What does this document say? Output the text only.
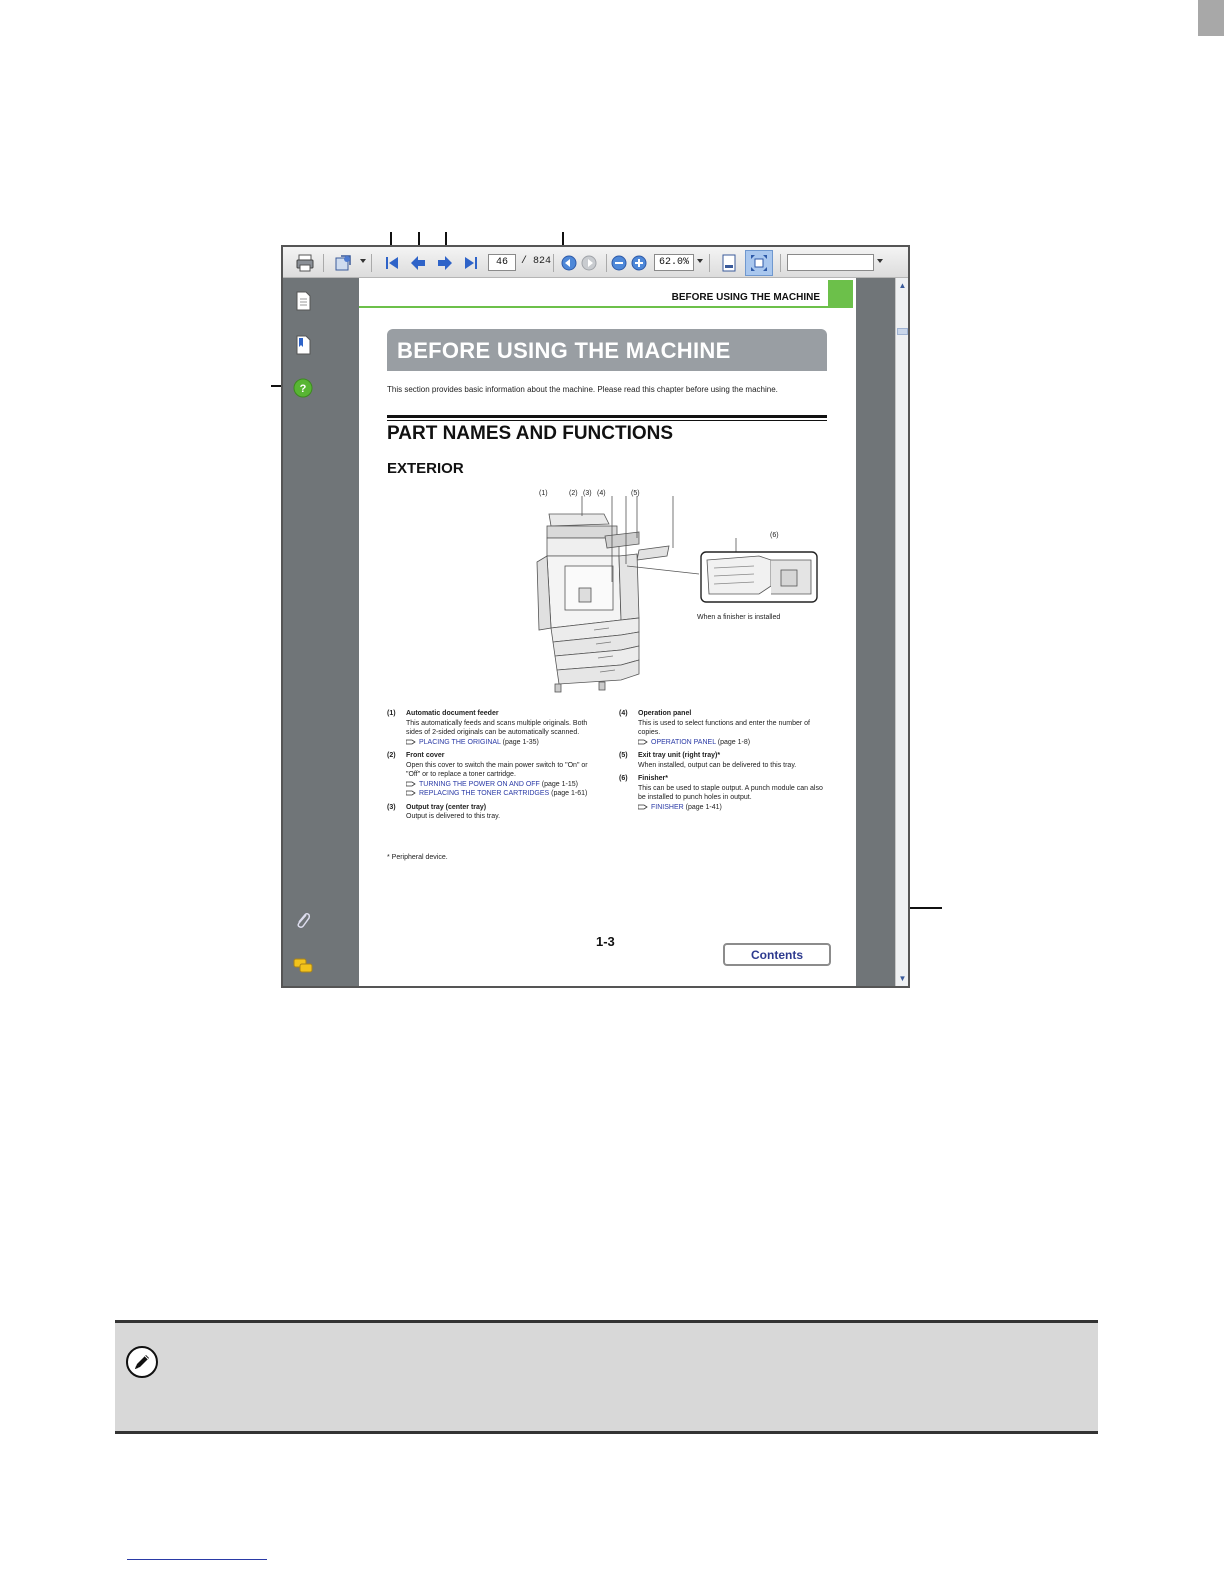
46	/ 824	62.0%
?
BEFORE USING THE MACHINE
BEFORE USING THE MACHINE
This section provides basic information about the machine. Please read this chapter before using the machine.
PART NAMES AND FUNCTIONS
EXTERIOR
(1)	(2) (3) (4)	(5)
(6)
When a finisher is installed
(1) Automatic document feeder
This automatically feeds and scans multiple originals. Both sides of 2-sided originals can be automatically scanned.
PLACING THE ORIGINAL (page 1-35)
(2) Front cover
Open this cover to switch the main power switch to "On" or "Off" or to replace a toner cartridge.
TURNING THE POWER ON AND OFF (page 1-15)
REPLACING THE TONER CARTRIDGES (page 1-61)
(3) Output tray (center tray)
Output is delivered to this tray.
(4) Operation panel
This is used to select functions and enter the number of copies.
OPERATION PANEL (page 1-8)
(5) Exit tray unit (right tray)*
When installed, output can be delivered to this tray.
(6) Finisher*
This can be used to staple output. A punch module can also be installed to punch holes in output.
FINISHER (page 1-41)
* Peripheral device.
1-3
Contents
▲
▼
